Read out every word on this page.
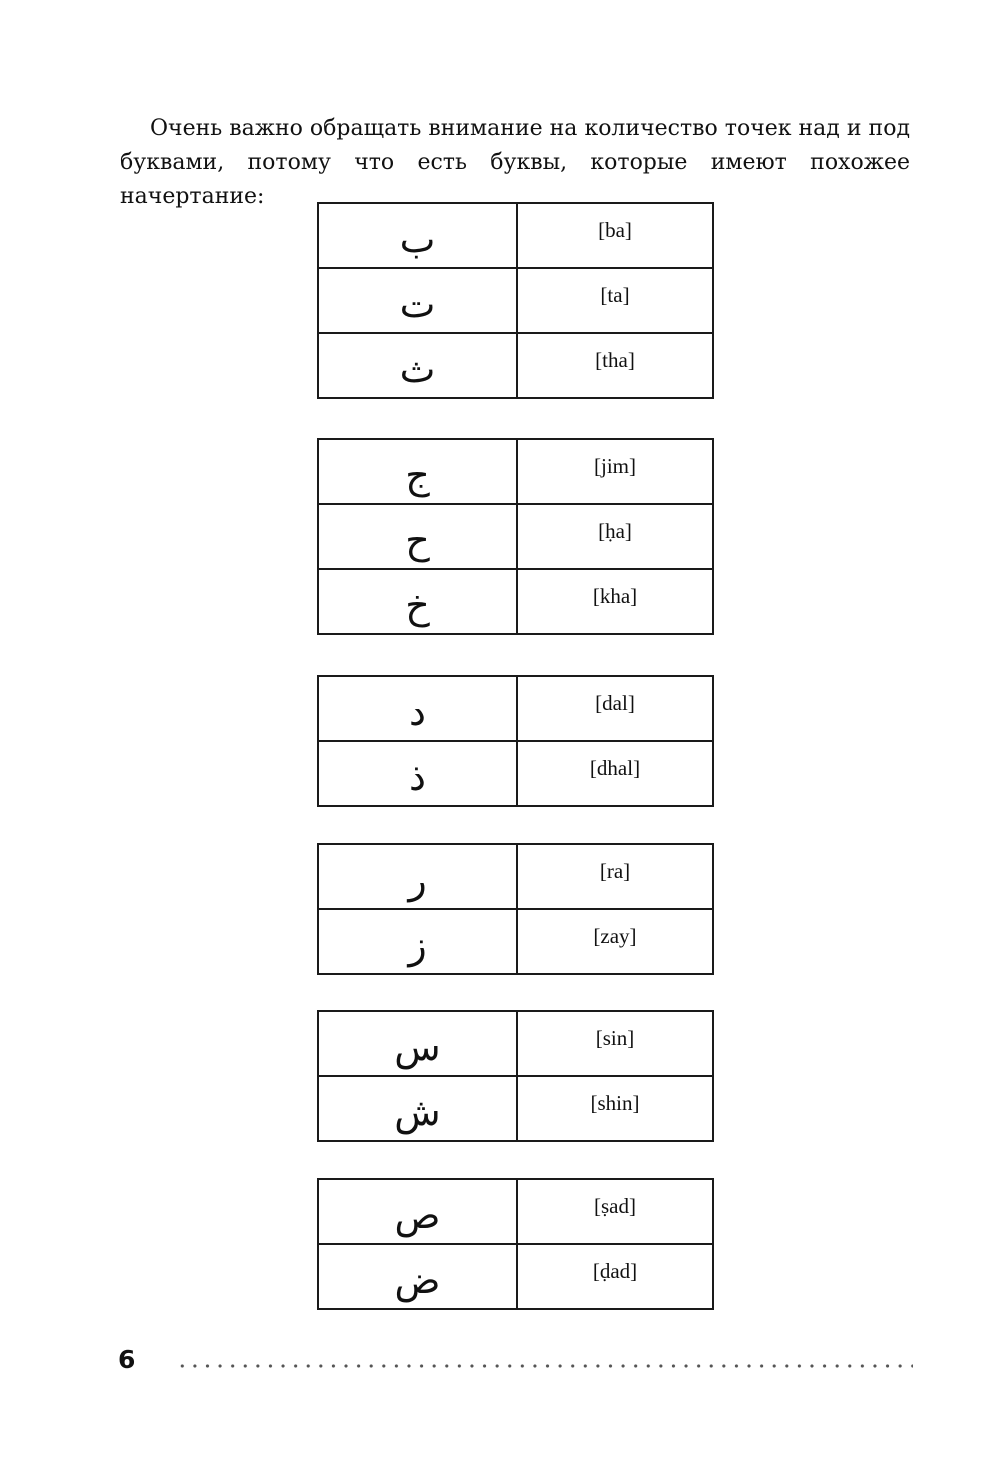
Очень важно обращать внимание на количество точек над и под буквами, потому что есть буквы, которые имеют похожее начертание:

ب	[ba]
ت	[ta]
ث	[tha]
ج	[jim]
ح	[ḥa]
خ	[kha]
د	[dal]
ذ	[dhal]
ر	[ra]
ز	[zay]
س	[sin]
ش	[shin]
ص	[ṣad]
ض	[ḍad]
6
